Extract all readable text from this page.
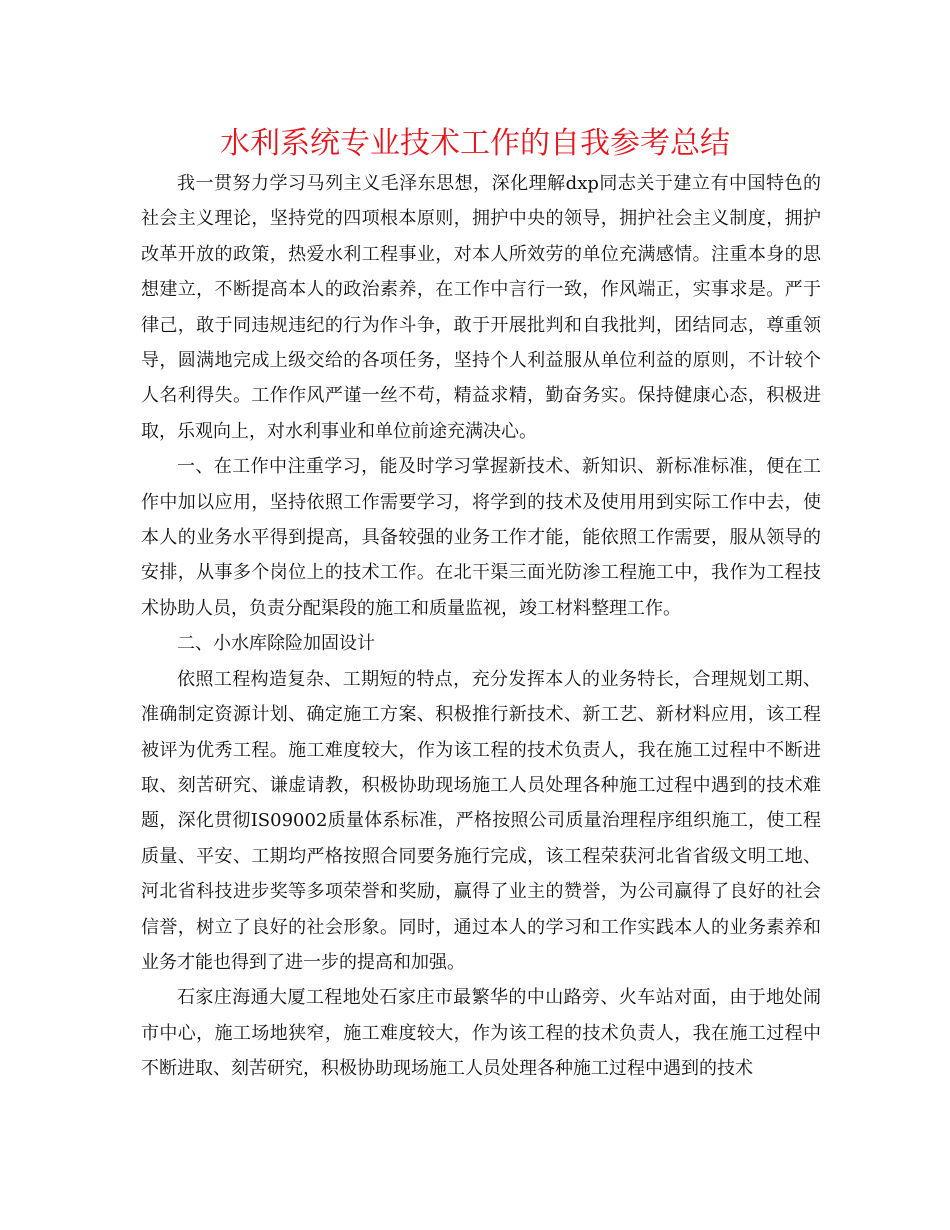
水利系统专业技术工作的自我参考总结

我一贯努力学习马列主义毛泽东思想，深化理解dxp同志关于建立有中国特色的社会主义理论，坚持党的四项根本原则，拥护中央的领导，拥护社会主义制度，拥护改革开放的政策，热爱水利工程事业，对本人所效劳的单位充满感情。注重本身的思想建立，不断提高本人的政治素养，在工作中言行一致，作风端正，实事求是。严于律己，敢于同违规违纪的行为作斗争，敢于开展批判和自我批判，团结同志，尊重领导，圆满地完成上级交给的各项任务，坚持个人利益服从单位利益的原则，不计较个人名利得失。工作作风严谨一丝不苟，精益求精，勤奋务实。保持健康心态，积极进取，乐观向上，对水利事业和单位前途充满决心。

一、在工作中注重学习，能及时学习掌握新技术、新知识、新标准标准，便在工作中加以应用，坚持依照工作需要学习，将学到的技术及使用用到实际工作中去，使本人的业务水平得到提高，具备较强的业务工作才能，能依照工作需要，服从领导的安排，从事多个岗位上的技术工作。在北干渠三面光防渗工程施工中，我作为工程技术协助人员，负责分配渠段的施工和质量监视，竣工材料整理工作。

二、小水库除险加固设计

依照工程构造复杂、工期短的特点，充分发挥本人的业务特长，合理规划工期、准确制定资源计划、确定施工方案、积极推行新技术、新工艺、新材料应用，该工程被评为优秀工程。施工难度较大，作为该工程的技术负责人，我在施工过程中不断进取、刻苦研究、谦虚请教，积极协助现场施工人员处理各种施工过程中遇到的技术难题，深化贯彻IS09002质量体系标准，严格按照公司质量治理程序组织施工，使工程质量、平安、工期均严格按照合同要务施行完成，该工程荣获河北省省级文明工地、河北省科技进步奖等多项荣誉和奖励，赢得了业主的赞誉，为公司赢得了良好的社会信誉，树立了良好的社会形象。同时，通过本人的学习和工作实践本人的业务素养和业务才能也得到了进一步的提高和加强。

石家庄海通大厦工程地处石家庄市最繁华的中山路旁、火车站对面，由于地处闹市中心，施工场地狭窄，施工难度较大，作为该工程的技术负责人，我在施工过程中不断进取、刻苦研究，积极协助现场施工人员处理各种施工过程中遇到的技术
